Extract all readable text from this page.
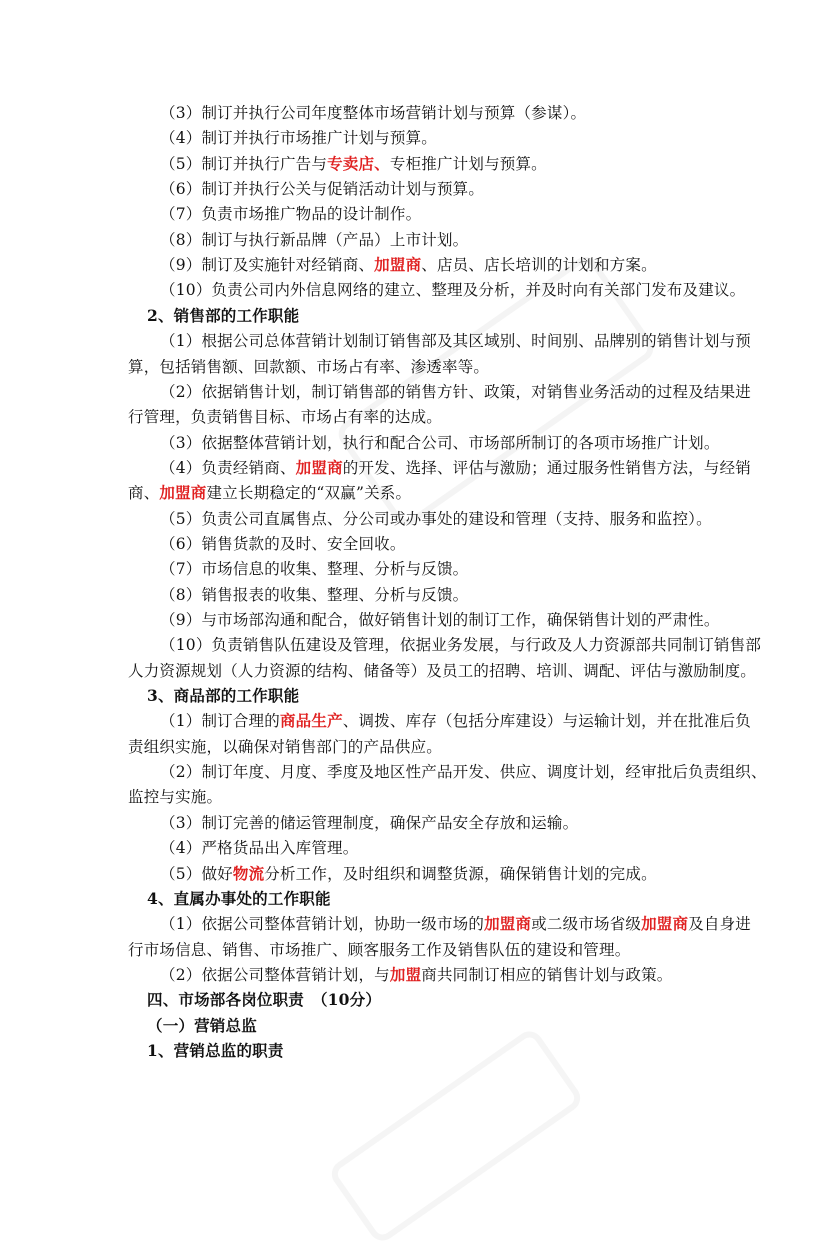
（3）制订并执行公司年度整体市场营销计划与预算（参谋）。
（4）制订并执行市场推广计划与预算。
（5）制订并执行广告与专卖店、专柜推广计划与预算。
（6）制订并执行公关与促销活动计划与预算。
（7）负责市场推广物品的设计制作。
（8）制订与执行新品牌（产品）上市计划。
（9）制订及实施针对经销商、加盟商、店员、店长培训的计划和方案。
（10）负责公司内外信息网络的建立、整理及分析，并及时向有关部门发布及建议。
2、销售部的工作职能
（1）根据公司总体营销计划制订销售部及其区域别、时间别、品牌别的销售计划与预
算，包括销售额、回款额、市场占有率、渗透率等。
（2）依据销售计划，制订销售部的销售方针、政策，对销售业务活动的过程及结果进
行管理，负责销售目标、市场占有率的达成。
（3）依据整体营销计划，执行和配合公司、市场部所制订的各项市场推广计划。
（4）负责经销商、加盟商的开发、选择、评估与激励；通过服务性销售方法，与经销
商、加盟商建立长期稳定的“双赢”关系。
（5）负责公司直属售点、分公司或办事处的建设和管理（支持、服务和监控）。
（6）销售货款的及时、安全回收。
（7）市场信息的收集、整理、分析与反馈。
（8）销售报表的收集、整理、分析与反馈。
（9）与市场部沟通和配合，做好销售计划的制订工作，确保销售计划的严肃性。
（10）负责销售队伍建设及管理，依据业务发展，与行政及人力资源部共同制订销售部
人力资源规划（人力资源的结构、储备等）及员工的招聘、培训、调配、评估与激励制度。
3、商品部的工作职能
（1）制订合理的商品生产、调拨、库存（包括分库建设）与运输计划，并在批准后负
责组织实施，以确保对销售部门的产品供应。
（2）制订年度、月度、季度及地区性产品开发、供应、调度计划，经审批后负责组织、
监控与实施。
（3）制订完善的储运管理制度，确保产品安全存放和运输。
（4）严格货品出入库管理。
（5）做好物流分析工作，及时组织和调整货源，确保销售计划的完成。
4、直属办事处的工作职能
（1）依据公司整体营销计划，协助一级市场的加盟商或二级市场省级加盟商及自身进
行市场信息、销售、市场推广、顾客服务工作及销售队伍的建设和管理。
（2）依据公司整体营销计划，与加盟商共同制订相应的销售计划与政策。
四、市场部各岗位职责　（10分）
（一）营销总监
1、营销总监的职责
